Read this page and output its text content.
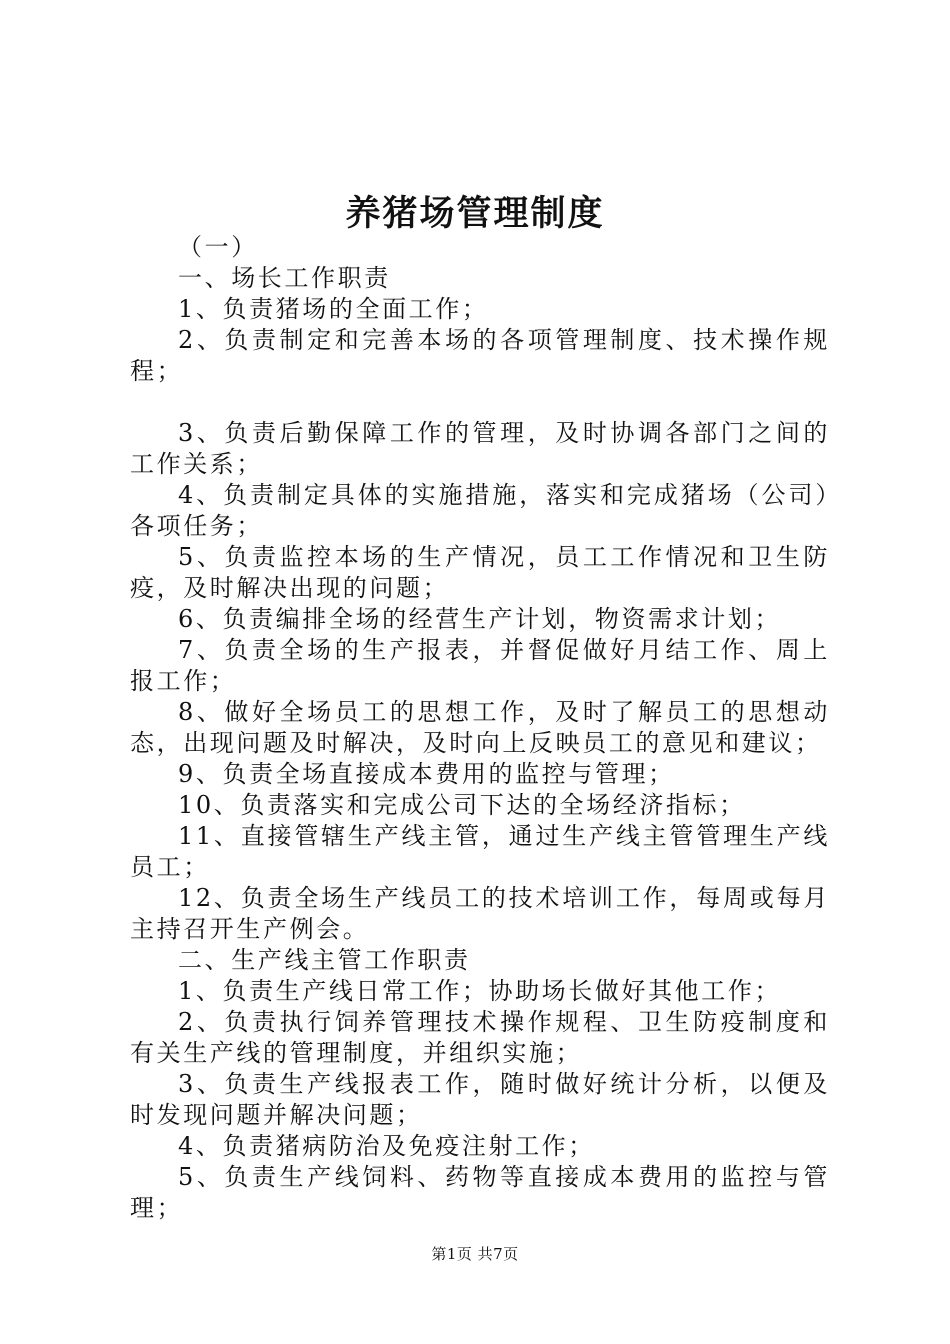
养猪场管理制度

（一）

一、场长工作职责

1、负责猪场的全面工作；

2、负责制定和完善本场的各项管理制度、技术操作规程；

3、负责后勤保障工作的管理，及时协调各部门之间的工作关系；

4、负责制定具体的实施措施，落实和完成猪场（公司）各项任务；

5、负责监控本场的生产情况，员工工作情况和卫生防疫，及时解决出现的问题；

6、负责编排全场的经营生产计划，物资需求计划；

7、负责全场的生产报表，并督促做好月结工作、周上报工作；

8、做好全场员工的思想工作，及时了解员工的思想动态，出现问题及时解决，及时向上反映员工的意见和建议；

9、负责全场直接成本费用的监控与管理；

10、负责落实和完成公司下达的全场经济指标；

11、直接管辖生产线主管，通过生产线主管管理生产线员工；

12、负责全场生产线员工的技术培训工作，每周或每月主持召开生产例会。

二、生产线主管工作职责

1、负责生产线日常工作；协助场长做好其他工作；

2、负责执行饲养管理技术操作规程、卫生防疫制度和有关生产线的管理制度，并组织实施；

3、负责生产线报表工作，随时做好统计分析，以便及时发现问题并解决问题；

4、负责猪病防治及免疫注射工作；

5、负责生产线饲料、药物等直接成本费用的监控与管理；

第1页 共7页
